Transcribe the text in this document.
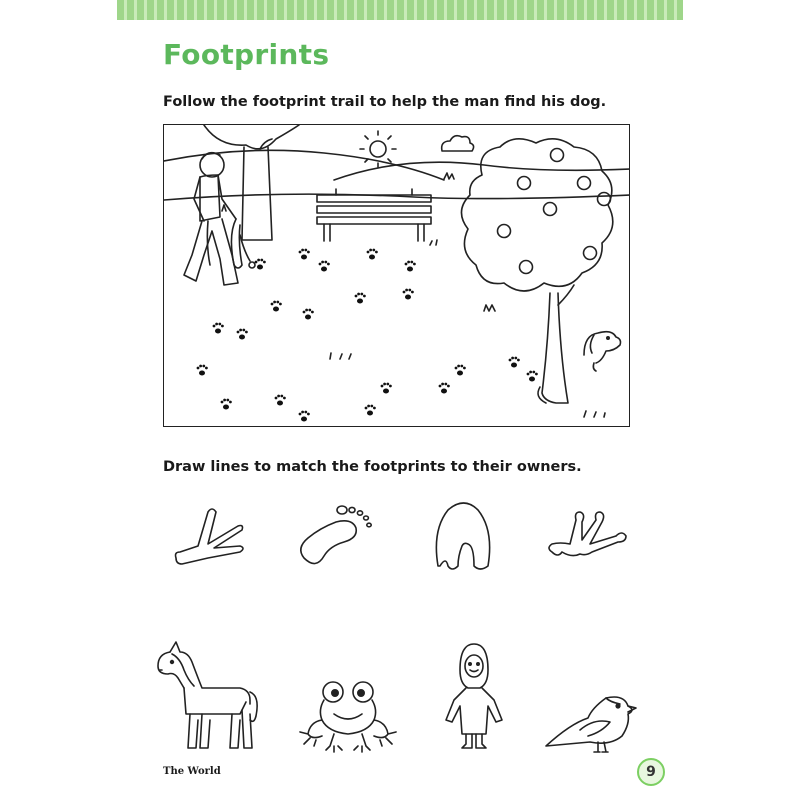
Footprints

Follow the footprint trail to help the man find his dog.

Draw lines to match the footprints to their owners.

The World	9
